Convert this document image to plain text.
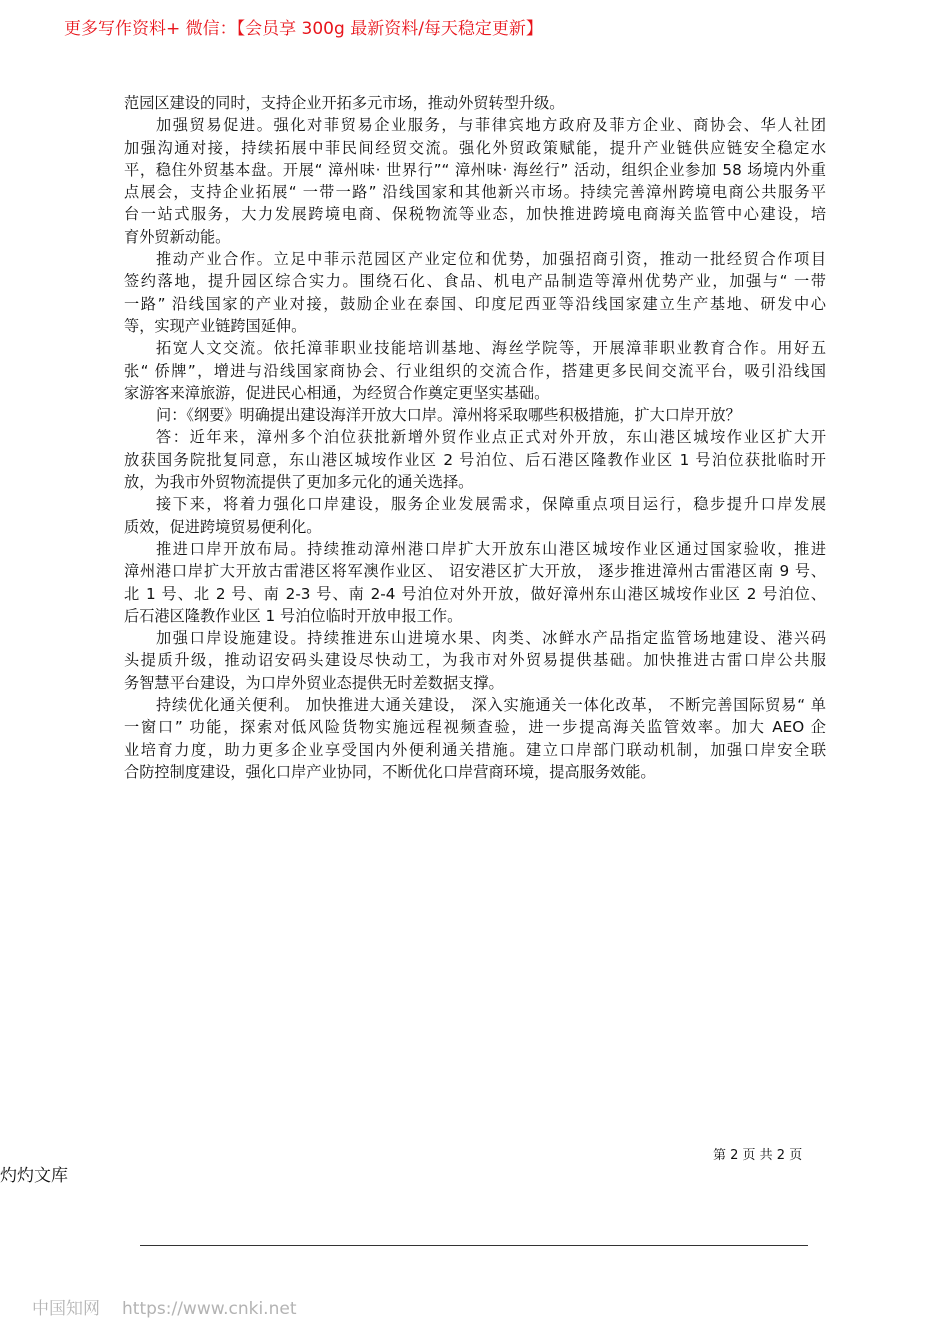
更多写作资料+ 微信：【会员享 300g 最新资料/每天稳定更新】
范园区建设的同时，支持企业开拓多元市场，推动外贸转型升级。
加强贸易促进。强化对菲贸易企业服务，与菲律宾地方政府及菲方企业、商协会、华人社团
加强沟通对接，持续拓展中菲民间经贸交流。强化外贸政策赋能，提升产业链供应链安全稳定水
平，稳住外贸基本盘。开展“ 漳州味· 世界行”“ 漳州味· 海丝行” 活动，组织企业参加 58 场境内外重
点展会，支持企业拓展“ 一带一路” 沿线国家和其他新兴市场。持续完善漳州跨境电商公共服务平
台一站式服务，大力发展跨境电商、保税物流等业态，加快推进跨境电商海关监管中心建设，培
育外贸新动能。
推动产业合作。立足中菲示范园区产业定位和优势，加强招商引资，推动一批经贸合作项目
签约落地，提升园区综合实力。围绕石化、食品、机电产品制造等漳州优势产业，加强与“ 一带
一路” 沿线国家的产业对接，鼓励企业在泰国、印度尼西亚等沿线国家建立生产基地、研发中心
等，实现产业链跨国延伸。
拓宽人文交流。依托漳菲职业技能培训基地、海丝学院等，开展漳菲职业教育合作。用好五
张“ 侨牌”，增进与沿线国家商协会、行业组织的交流合作，搭建更多民间交流平台，吸引沿线国
家游客来漳旅游，促进民心相通，为经贸合作奠定更坚实基础。
问：《纲要》明确提出建设海洋开放大口岸。漳州将采取哪些积极措施，扩大口岸开放？
答：近年来，漳州多个泊位获批新增外贸作业点正式对外开放，东山港区城垵作业区扩大开
放获国务院批复同意，东山港区城垵作业区 2 号泊位、后石港区隆教作业区 1 号泊位获批临时开
放，为我市外贸物流提供了更加多元化的通关选择。
接下来，将着力强化口岸建设，服务企业发展需求，保障重点项目运行，稳步提升口岸发展
质效，促进跨境贸易便利化。
推进口岸开放布局。持续推动漳州港口岸扩大开放东山港区城垵作业区通过国家验收，推进
漳州港口岸扩大开放古雷港区将军澳作业区、 诏安港区扩大开放， 逐步推进漳州古雷港区南 9 号、
北 1 号、北 2 号、南 2-3 号、南 2-4 号泊位对外开放，做好漳州东山港区城垵作业区 2 号泊位、
后石港区隆教作业区 1 号泊位临时开放申报工作。
加强口岸设施建设。持续推进东山进境水果、肉类、冰鲜水产品指定监管场地建设、港兴码
头提质升级，推动诏安码头建设尽快动工，为我市对外贸易提供基础。加快推进古雷口岸公共服
务智慧平台建设，为口岸外贸业态提供无时差数据支撑。
持续优化通关便利。 加快推进大通关建设， 深入实施通关一体化改革， 不断完善国际贸易“ 单
一窗口” 功能，探索对低风险货物实施远程视频查验，进一步提高海关监管效率。加大 AEO 企
业培育力度，助力更多企业享受国内外便利通关措施。建立口岸部门联动机制，加强口岸安全联
合防控制度建设，强化口岸产业协同，不断优化口岸营商环境，提高服务效能。
第 2 页 共 2 页
灼灼文库
中国知网 https://www.cnki.net
